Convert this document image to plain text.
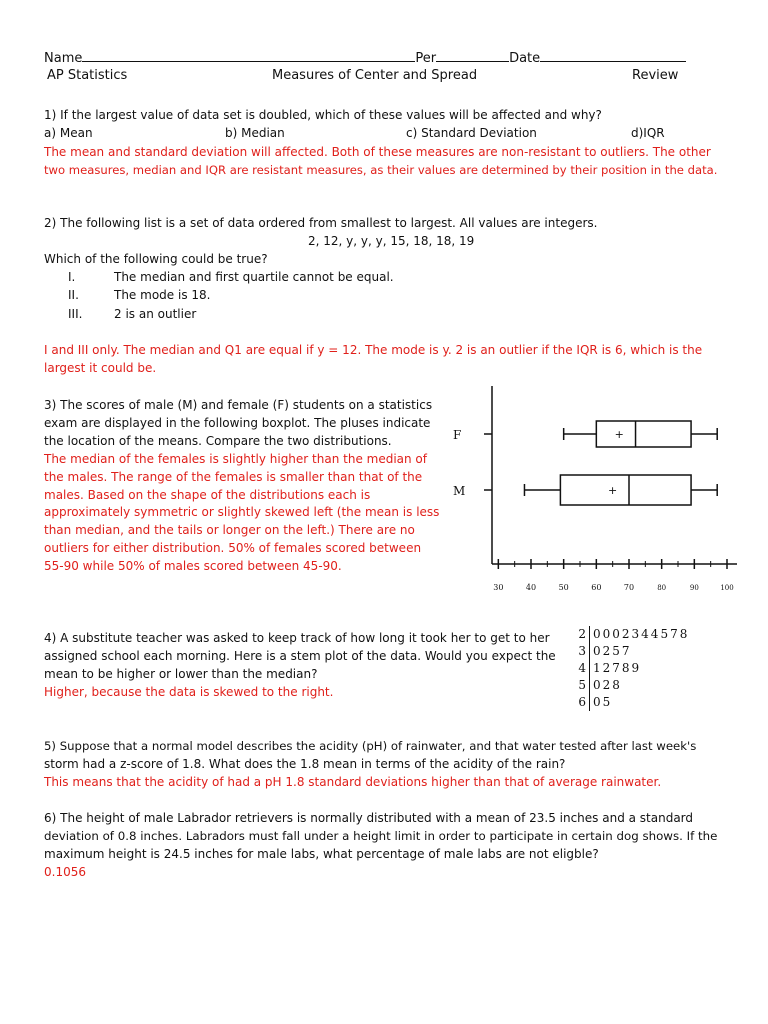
Name	Per	Date
AP Statistics	Measures of Center and Spread	Review
1) If the largest value of data set is doubled, which of these values will be affected and why?
a) Mean	b) Median	c) Standard Deviation	d)IQR
The mean and standard deviation will affected. Both of these measures are non-resistant to outliers. The other
two measures, median and IQR are resistant measures, as their values are determined by their position in the data.
2) The following list is a set of data ordered from smallest to largest. All values are integers.
2, 12, y, y, y, 15, 18, 18, 19
Which of the following could be true?
I.	The median and first quartile cannot be equal.
II.	The mode is 18.
III.	2 is an outlier
I and III only. The median and Q1 are equal if y = 12. The mode is y. 2 is an outlier if the IQR is 6, which is the
largest it could be.
3) The scores of male (M) and female (F) students on a statistics
exam are displayed in the following boxplot. The pluses indicate
the location of the means. Compare the two distributions.
The median of the females is slightly higher than the median of
the males. The range of the females is smaller than that of the
males. Based on the shape of the distributions each is
approximately symmetric or slightly skewed left (the mean is less
than median, and the tails or longer on the left.) There are no
outliers for either distribution. 50% of females scored between
55-90 while 50% of males scored between 45-90.
30	40	50	60	70	80	90	100
F	+
M	+
4) A substitute teacher was asked to keep track of how long it took her to get to her
assigned school each morning. Here is a stem plot of the data. Would you expect the
mean to be higher or lower than the median?
Higher, because the data is skewed to the right.
2 0002344578
3 0257
4 12789
5 028
6 05
5) Suppose that a normal model describes the acidity (pH) of rainwater, and that water tested after last week's
storm had a z-score of 1.8. What does the 1.8 mean in terms of the acidity of the rain?
This means that the acidity of had a pH 1.8 standard deviations higher than that of average rainwater.
6) The height of male Labrador retrievers is normally distributed with a mean of 23.5 inches and a standard
deviation of 0.8 inches. Labradors must fall under a height limit in order to participate in certain dog shows. If the
maximum height is 24.5 inches for male labs, what percentage of male labs are not eligble?
0.1056
